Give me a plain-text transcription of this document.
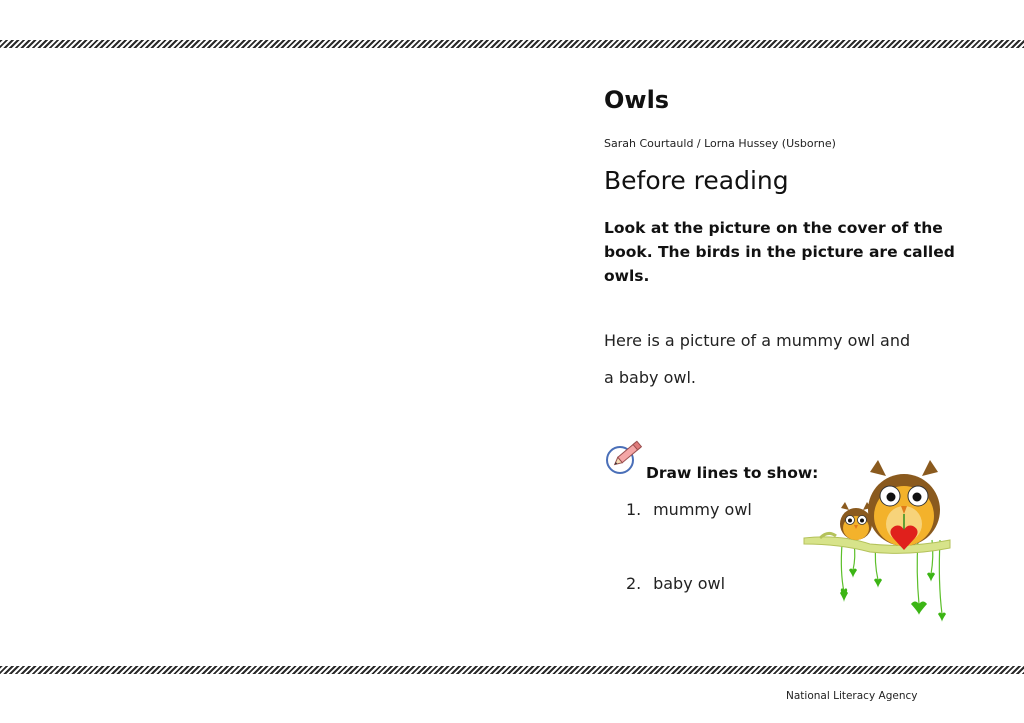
Owls
Sarah Courtauld / Lorna Hussey (Usborne)
Before reading
Look at the picture on the cover of the book. The birds in the picture are called owls.
Here is a picture of a mummy owl and
a baby owl.
Draw lines to show:
1. mummy owl
2. baby owl
National Literacy Agency
